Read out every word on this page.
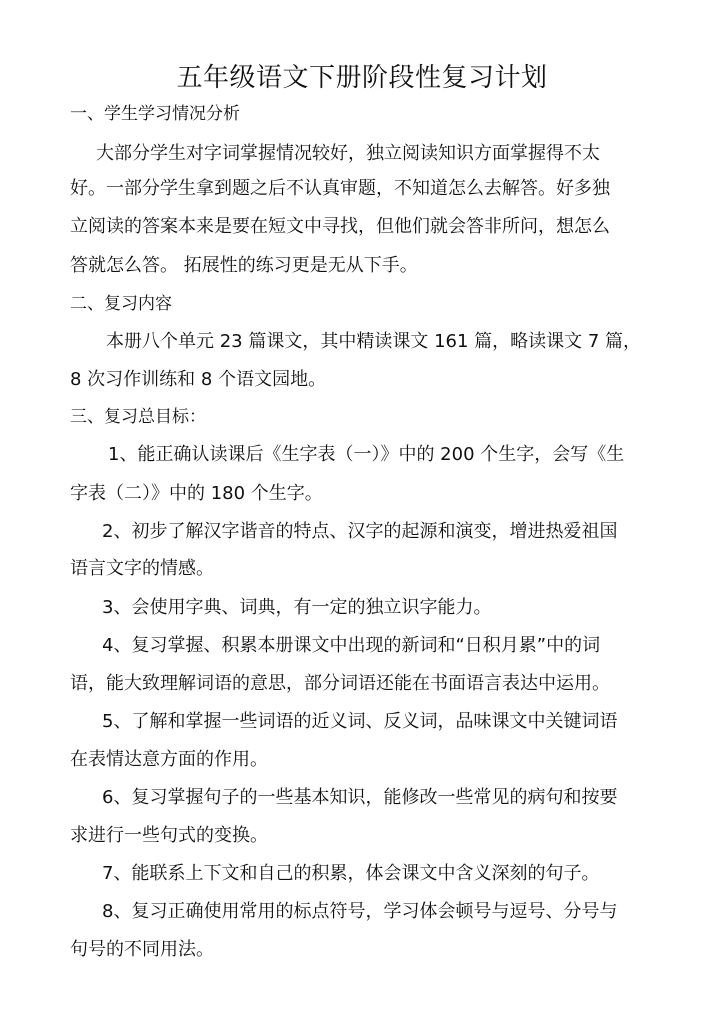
五年级语文下册阶段性复习计划
一、学生学习情况分析
大部分学生对字词掌握情况较好，独立阅读知识方面掌握得不太
好。一部分学生拿到题之后不认真审题，不知道怎么去解答。好多独
立阅读的答案本来是要在短文中寻找，但他们就会答非所问，想怎么
答就怎么答。 拓展性的练习更是无从下手。
二、复习内容
本册八个单元 23 篇课文，其中精读课文 161 篇，略读课文 7 篇，
8 次习作训练和 8 个语文园地。
三、复习总目标：
1、能正确认读课后《生字表（一）》中的 200 个生字，会写《生
字表（二）》中的 180 个生字。
2、初步了解汉字谐音的特点、汉字的起源和演变，增进热爱祖国
语言文字的情感。
3、会使用字典、词典，有一定的独立识字能力。
4、复习掌握、积累本册课文中出现的新词和“日积月累”中的词
语，能大致理解词语的意思，部分词语还能在书面语言表达中运用。
5、了解和掌握一些词语的近义词、反义词，品味课文中关键词语
在表情达意方面的作用。
6、复习掌握句子的一些基本知识，能修改一些常见的病句和按要
求进行一些句式的变换。
7、能联系上下文和自己的积累，体会课文中含义深刻的句子。
8、复习正确使用常用的标点符号，学习体会顿号与逗号、分号与
句号的不同用法。
